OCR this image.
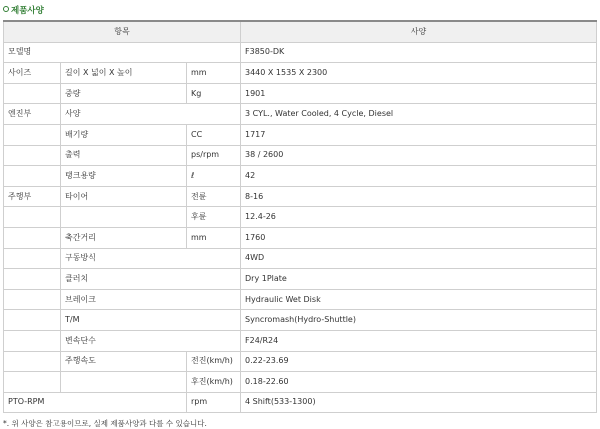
제품사양
항목			사양
모델명			F3850-DK
사이즈	길이 X 넓이 X 높이	mm	3440 X 1535 X 2300
	중량	Kg	1901
엔진부	사양		3 CYL., Water Cooled, 4 Cycle, Diesel
	배기량	CC	1717
	출력	ps/rpm	38 / 2600
	탱크용량	ℓ	42
주행부	타이어	전륜	8-16
		후륜	12.4-26
	축간거리	mm	1760
	구동방식		4WD
	클러치		Dry 1Plate
	브레이크		Hydraulic Wet Disk
	T/M		Syncromash(Hydro-Shuttle)
	변속단수		F24/R24
	주행속도	전진(km/h)	0.22-23.69
		후진(km/h)	0.18-22.60
PTO-RPM		rpm	4 Shift(533-1300)
*. 위 사양은 참고용이므로, 실제 제품사양과 다를 수 있습니다.
